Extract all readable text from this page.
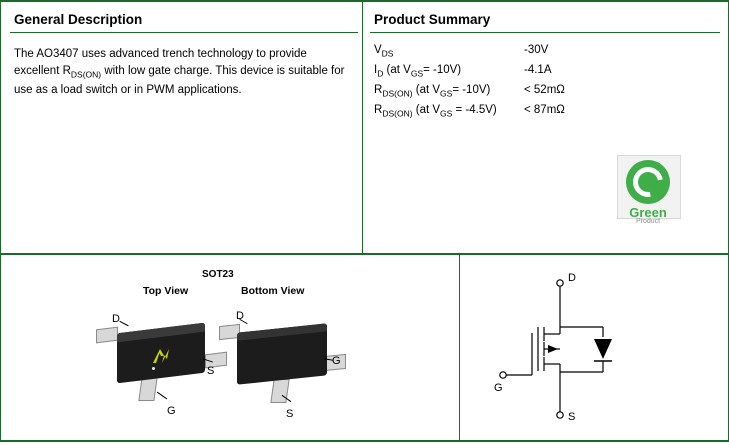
General Description
The AO3407 uses advanced trench technology to provide excellent $R_{DS(ON)}$ with low gate charge. This device is suitable for use as a load switch or in PWM applications.
Product Summary
$V_{DS}$	-30V
$I_D$ (at $V_{GS}= -10V$)	-4.1A
$R_{DS(ON)}$ (at $V_{GS}= -10V$)	< 52mΩ
$R_{DS(ON)}$ (at $V_{GS} = -4.5V$)	< 87mΩ
Green
Product
SOT23
Top View	Bottom View
D
S
G
D
G
S
D
G
S
